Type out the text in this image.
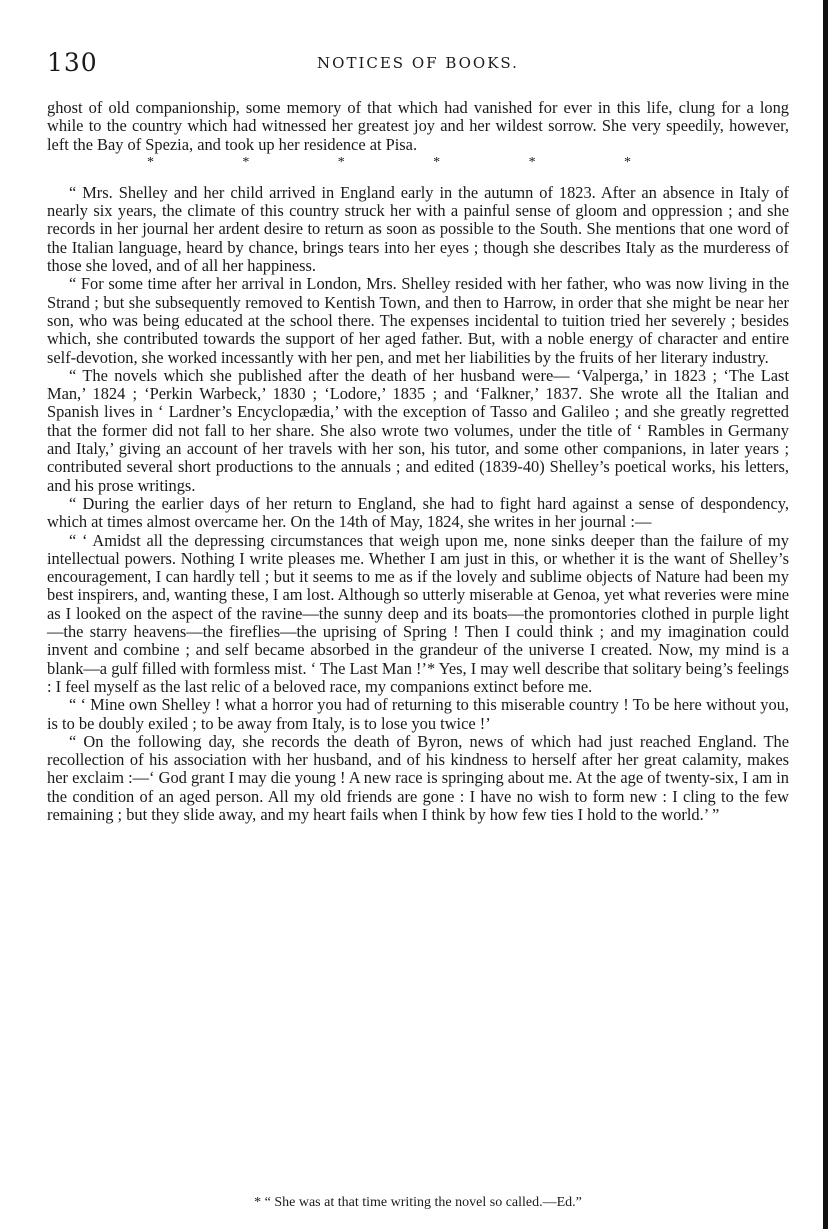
130	NOTICES OF BOOKS.

ghost of old companionship, some memory of that which had vanished for ever in this life, clung for a long while to the country which had witnessed her greatest joy and her wildest sorrow. She very speedily, however, left the Bay of Spezia, and took up her residence at Pisa.

*	*	*	*	*	*

“ Mrs. Shelley and her child arrived in England early in the autumn of 1823. After an absence in Italy of nearly six years, the climate of this country struck her with a painful sense of gloom and oppression ; and she records in her journal her ardent desire to return as soon as possible to the South. She mentions that one word of the Italian language, heard by chance, brings tears into her eyes ; though she describes Italy as the murderess of those she loved, and of all her happiness.

“ For some time after her arrival in London, Mrs. Shelley resided with her father, who was now living in the Strand ; but she subsequently removed to Kentish Town, and then to Harrow, in order that she might be near her son, who was being educated at the school there. The expenses incidental to tuition tried her severely ; besides which, she contributed towards the support of her aged father. But, with a noble energy of character and entire self-devotion, she worked incessantly with her pen, and met her liabilities by the fruits of her literary industry.

“ The novels which she published after the death of her husband were— ‘Valperga,’ in 1823 ; ‘The Last Man,’ 1824 ; ‘Perkin Warbeck,’ 1830 ; ‘Lodore,’ 1835 ; and ‘Falkner,’ 1837. She wrote all the Italian and Spanish lives in ‘ Lardner’s Encyclopædia,’ with the exception of Tasso and Galileo ; and she greatly regretted that the former did not fall to her share. She also wrote two volumes, under the title of ‘ Rambles in Germany and Italy,’ giving an account of her travels with her son, his tutor, and some other companions, in later years ; contributed several short productions to the annuals ; and edited (1839-40) Shelley’s poetical works, his letters, and his prose writings.

“ During the earlier days of her return to England, she had to fight hard against a sense of despondency, which at times almost overcame her. On the 14th of May, 1824, she writes in her journal :—

“ ‘ Amidst all the depressing circumstances that weigh upon me, none sinks deeper than the failure of my intellectual powers. Nothing I write pleases me. Whether I am just in this, or whether it is the want of Shelley’s encouragement, I can hardly tell ; but it seems to me as if the lovely and sublime objects of Nature had been my best inspirers, and, wanting these, I am lost. Although so utterly miserable at Genoa, yet what reveries were mine as I looked on the aspect of the ravine—the sunny deep and its boats—the promontories clothed in purple light—the starry heavens—the fireflies—the uprising of Spring ! Then I could think ; and my imagination could invent and combine ; and self became absorbed in the grandeur of the universe I created. Now, my mind is a blank—a gulf filled with formless mist. ‘ The Last Man !’* Yes, I may well describe that solitary being’s feelings : I feel myself as the last relic of a beloved race, my companions extinct before me.

“ ‘ Mine own Shelley ! what a horror you had of returning to this miserable country ! To be here without you, is to be doubly exiled ; to be away from Italy, is to lose you twice !’

“ On the following day, she records the death of Byron, news of which had just reached England. The recollection of his association with her husband, and of his kindness to herself after her great calamity, makes her exclaim :—‘ God grant I may die young ! A new race is springing about me. At the age of twenty-six, I am in the condition of an aged person. All my old friends are gone : I have no wish to form new : I cling to the few remaining ; but they slide away, and my heart fails when I think by how few ties I hold to the world.’ ”

* “ She was at that time writing the novel so called.—Ed.”
